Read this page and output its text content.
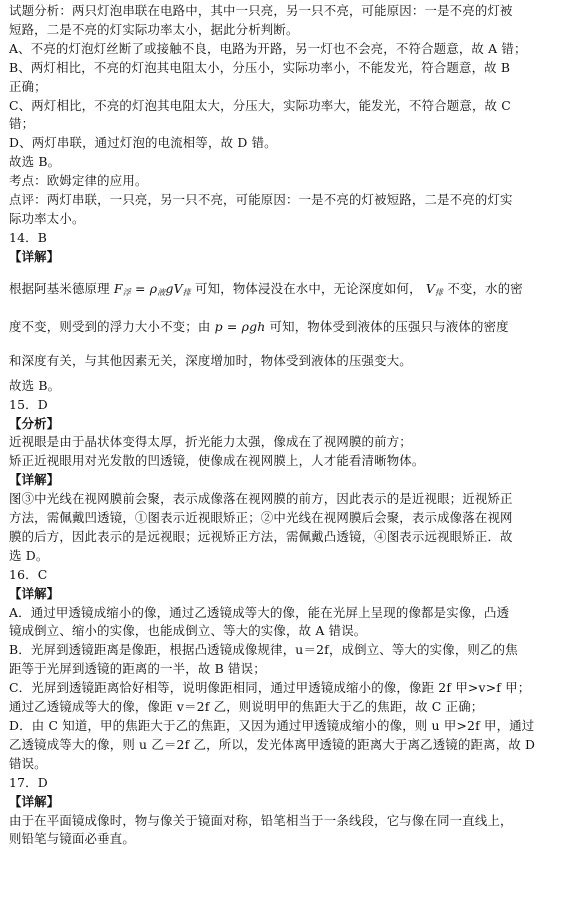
试题分析：两只灯泡串联在电路中，其中一只亮，另一只不亮，可能原因：一是不亮的灯被
短路，二是不亮的灯实际功率太小，据此分析判断。
A、不亮的灯泡灯丝断了或接触不良，电路为开路，另一灯也不会亮，不符合题意，故 A 错；
B、两灯相比，不亮的灯泡其电阻太小，分压小，实际功率小，不能发光，符合题意，故 B
正确；
C、两灯相比，不亮的灯泡其电阻太大，分压大，实际功率大，能发光，不符合题意，故 C
错；
D、两灯串联，通过灯泡的电流相等，故 D 错。
故选 B。
考点：欧姆定律的应用。
点评：两灯串联，一只亮，另一只不亮，可能原因：一是不亮的灯被短路，二是不亮的灯实
际功率太小。
14．B
【详解】
根据阿基米德原理 $F_浮 = \rho_液gV_排$ 可知，物体浸没在水中，无论深度如何， $V_排$ 不变，水的密
度不变，则受到的浮力大小不变；由 p = ρgh 可知，物体受到液体的压强只与液体的密度
和深度有关，与其他因素无关，深度增加时，物体受到液体的压强变大。
故选 B。
15．D
【分析】
近视眼是由于晶状体变得太厚，折光能力太强，像成在了视网膜的前方；
矫正近视眼用对光发散的凹透镜，使像成在视网膜上，人才能看清晰物体。
【详解】
图③中光线在视网膜前会聚，表示成像落在视网膜的前方，因此表示的是近视眼；近视矫正
方法，需佩戴凹透镜，①图表示近视眼矫正；②中光线在视网膜后会聚，表示成像落在视网
膜的后方，因此表示的是远视眼；远视矫正方法，需佩戴凸透镜，④图表示远视眼矫正．故
选 D。
16．C
【详解】
A．通过甲透镜成缩小的像，通过乙透镜成等大的像，能在光屏上呈现的像都是实像，凸透
镜成倒立、缩小的实像，也能成倒立、等大的实像，故 A 错误。
B．光屏到透镜距离是像距，根据凸透镜成像规律，u＝2f，成倒立、等大的实像，则乙的焦
距等于光屏到透镜的距离的一半，故 B 错误；
C．光屏到透镜距离恰好相等，说明像距相同，通过甲透镜成缩小的像，像距 2f 甲>v>f 甲；
通过乙透镜成等大的像，像距 v＝2f 乙，则说明甲的焦距大于乙的焦距，故 C 正确；
D．由 C 知道，甲的焦距大于乙的焦距，又因为通过甲透镜成缩小的像，则 u 甲>2f 甲，通过
乙透镜成等大的像，则 u 乙＝2f 乙，所以，发光体离甲透镜的距离大于离乙透镜的距离，故 D
错误。
17．D
【详解】
由于在平面镜成像时，物与像关于镜面对称，铅笔相当于一条线段，它与像在同一直线上，
则铅笔与镜面必垂直。
